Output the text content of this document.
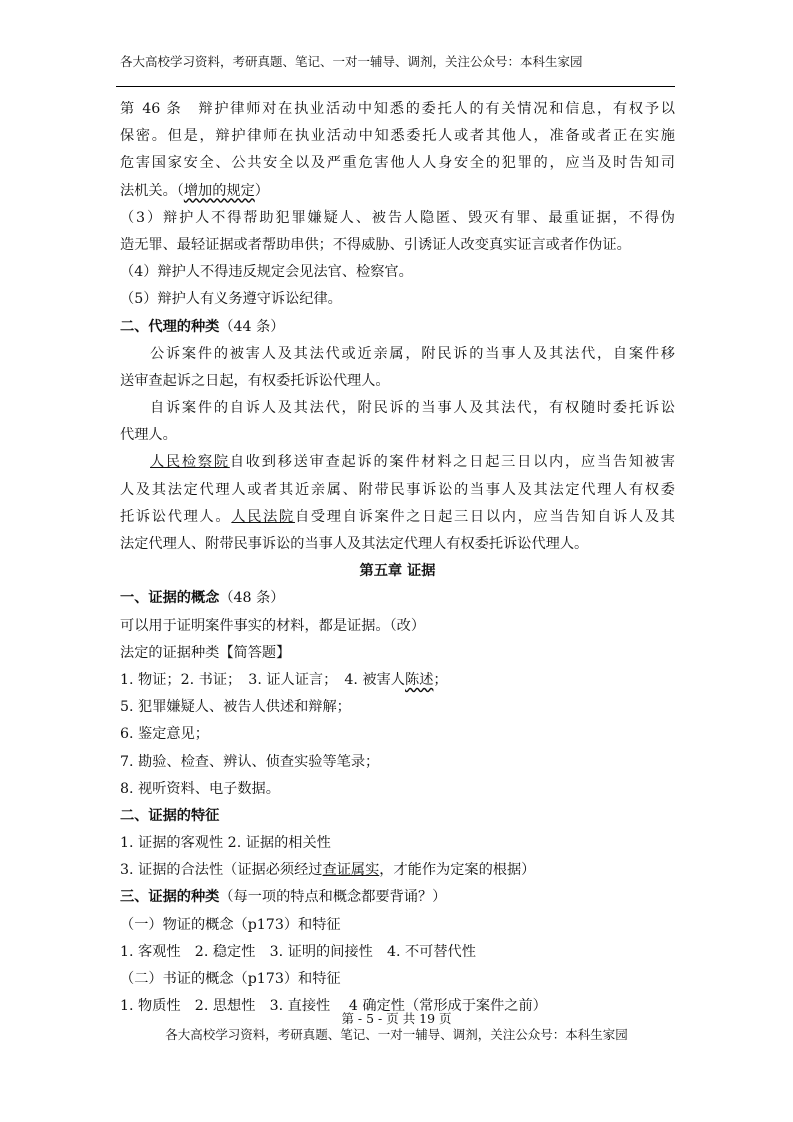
各大高校学习资料，考研真题、笔记、一对一辅导、调剂，关注公众号：本科生家园
第 46 条　辩护律师对在执业活动中知悉的委托人的有关情况和信息，有权予以
保密。但是，辩护律师在执业活动中知悉委托人或者其他人，准备或者正在实施
危害国家安全、公共安全以及严重危害他人人身安全的犯罪的，应当及时告知司
法机关。（增加的规定）
（3）辩护人不得帮助犯罪嫌疑人、被告人隐匿、毁灭有罪、最重证据，不得伪
造无罪、最轻证据或者帮助串供；不得威胁、引诱证人改变真实证言或者作伪证。
（4）辩护人不得违反规定会见法官、检察官。
（5）辩护人有义务遵守诉讼纪律。
二、代理的种类（44 条）
公诉案件的被害人及其法代或近亲属，附民诉的当事人及其法代，自案件移
送审查起诉之日起，有权委托诉讼代理人。
自诉案件的自诉人及其法代，附民诉的当事人及其法代，有权随时委托诉讼
代理人。
人民检察院自收到移送审查起诉的案件材料之日起三日以内，应当告知被害
人及其法定代理人或者其近亲属、附带民事诉讼的当事人及其法定代理人有权委
托诉讼代理人。人民法院自受理自诉案件之日起三日以内，应当告知自诉人及其
法定代理人、附带民事诉讼的当事人及其法定代理人有权委托诉讼代理人。
第五章 证据
一、证据的概念（48 条）
可以用于证明案件事实的材料，都是证据。（改）
法定的证据种类【简答题】
1. 物证；2. 书证；　3. 证人证言；　4. 被害人陈述；
5. 犯罪嫌疑人、被告人供述和辩解；
6. 鉴定意见；
7. 勘验、检查、辨认、侦查实验等笔录；
8. 视听资料、电子数据。
二、证据的特征
1. 证据的客观性 2. 证据的相关性
3. 证据的合法性（证据必须经过查证属实，才能作为定案的根据）
三、证据的种类（每一项的特点和概念都要背诵？）
（一）物证的概念（p173）和特征
1. 客观性　2. 稳定性　3. 证明的间接性　4. 不可替代性
（二）书证的概念（p173）和特征
1. 物质性　2. 思想性　3. 直接性　 4 确定性（常形成于案件之前）
第 - 5 - 页 共 19 页
各大高校学习资料，考研真题、笔记、一对一辅导、调剂，关注公众号：本科生家园
